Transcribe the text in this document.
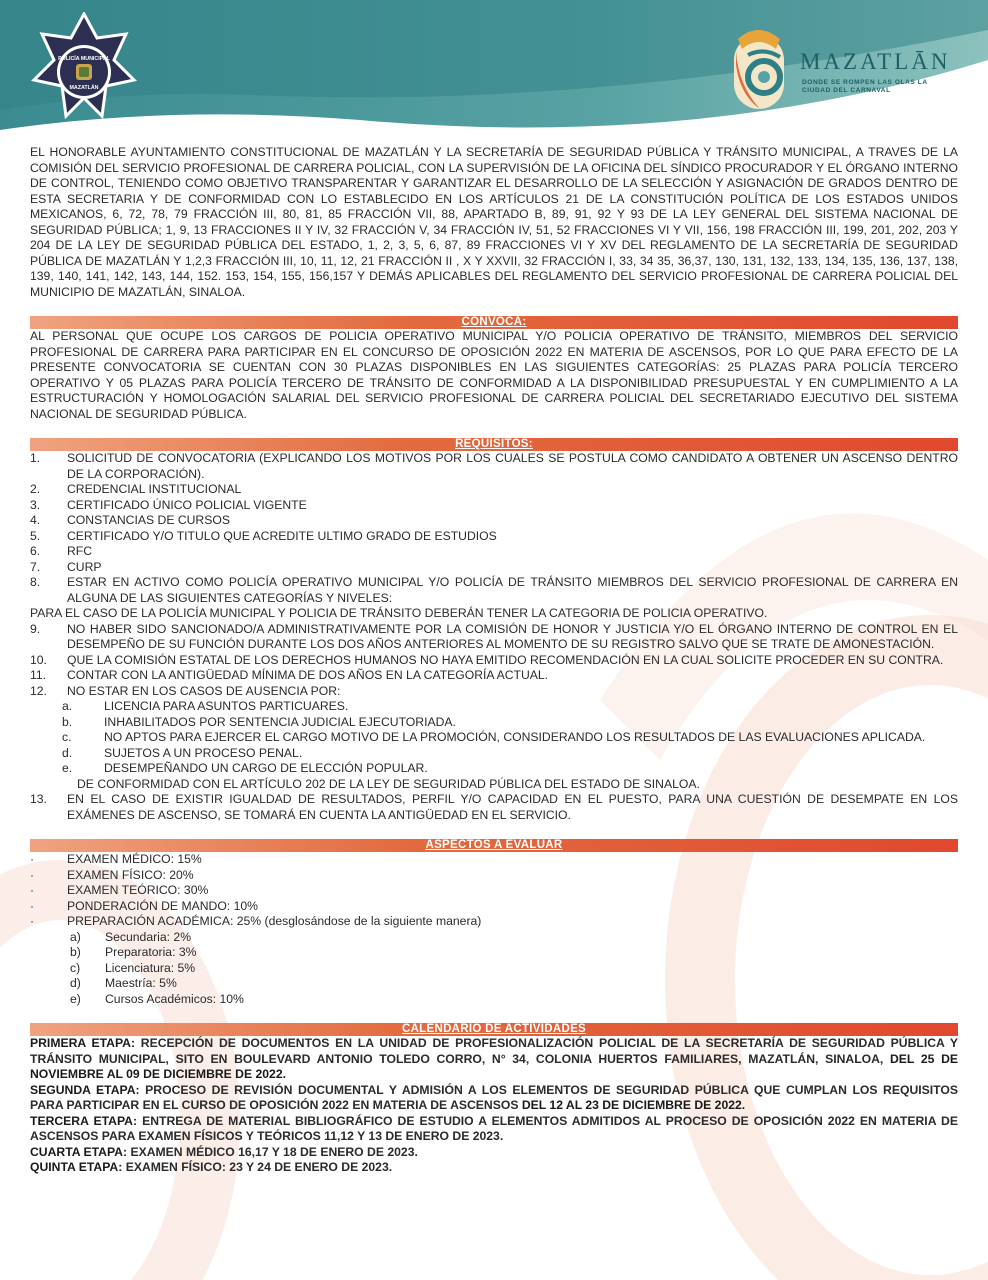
POLICÍA MUNICIPAL
MAZATLÁN
MAZATLĀN
DONDE SE ROMPEN LAS OLAS LA CIUDAD DEL CARNAVAL

EL HONORABLE AYUNTAMIENTO CONSTITUCIONAL DE MAZATLÁN Y LA SECRETARÍA DE SEGURIDAD PÚBLICA Y TRÁNSITO MUNICIPAL, A TRAVES DE LA COMISIÓN DEL SERVICIO PROFESIONAL DE CARRERA POLICIAL, CON LA SUPERVISIÓN DE LA OFICINA DEL SÍNDICO PROCURADOR Y EL ÓRGANO INTERNO DE CONTROL, TENIENDO COMO OBJETIVO TRANSPARENTAR Y GARANTIZAR EL DESARROLLO DE LA SELECCIÓN Y ASIGNACIÓN DE GRADOS DENTRO DE ESTA SECRETARIA Y DE CONFORMIDAD CON LO ESTABLECIDO EN LOS ARTÍCULOS 21 DE LA CONSTITUCIÓN POLÍTICA DE LOS ESTADOS UNIDOS MEXICANOS, 6, 72, 78, 79 FRACCIÓN III, 80, 81, 85 FRACCIÓN VII, 88, APARTADO B, 89, 91, 92 Y 93 DE LA LEY GENERAL DEL SISTEMA NACIONAL DE SEGURIDAD PÚBLICA; 1, 9, 13 FRACCIONES II Y IV, 32 FRACCIÓN V, 34 FRACCIÓN IV, 51, 52 FRACCIONES VI Y VII, 156, 198 FRACCIÓN III, 199, 201, 202, 203 Y 204 DE LA LEY DE SEGURIDAD PÚBLICA DEL ESTADO, 1, 2, 3, 5, 6, 87, 89 FRACCIONES VI Y XV DEL REGLAMENTO DE LA SECRETARÍA DE SEGURIDAD PÚBLICA DE MAZATLÁN Y 1,2,3 FRACCIÓN III, 10, 11, 12, 21 FRACCIÓN II , X Y XXVII, 32 FRACCIÓN I, 33, 34 35, 36,37, 130, 131, 132, 133, 134, 135, 136, 137, 138, 139, 140, 141, 142, 143, 144, 152. 153, 154, 155, 156,157 Y DEMÁS APLICABLES DEL REGLAMENTO DEL SERVICIO PROFESIONAL DE CARRERA POLICIAL DEL MUNICIPIO DE MAZATLÁN, SINALOA.

CONVOCA:

AL PERSONAL QUE OCUPE LOS CARGOS DE POLICIA OPERATIVO MUNICIPAL Y/O POLICIA OPERATIVO DE TRÁNSITO, MIEMBROS DEL SERVICIO PROFESIONAL DE CARRERA PARA PARTICIPAR EN EL CONCURSO DE OPOSICIÓN 2022 EN MATERIA DE ASCENSOS, POR LO QUE PARA EFECTO DE LA PRESENTE CONVOCATORIA SE CUENTAN CON 30 PLAZAS DISPONIBLES EN LAS SIGUIENTES CATEGORÍAS: 25 PLAZAS PARA POLICÍA TERCERO OPERATIVO Y 05 PLAZAS PARA POLICÍA TERCERO DE TRÁNSITO DE CONFORMIDAD A LA DISPONIBILIDAD PRESUPUESTAL Y EN CUMPLIMIENTO A LA ESTRUCTURACIÓN Y HOMOLOGACIÓN SALARIAL DEL SERVICIO PROFESIONAL DE CARRERA POLICIAL DEL SECRETARIADO EJECUTIVO DEL SISTEMA NACIONAL DE SEGURIDAD PÚBLICA.

REQUISITOS:
1.	SOLICITUD DE CONVOCATORIA (EXPLICANDO LOS MOTIVOS POR LOS CUALES SE POSTULA COMO CANDIDATO A OBTENER UN ASCENSO DENTRO DE LA CORPORACIÓN).
2.	CREDENCIAL INSTITUCIONAL
3.	CERTIFICADO ÚNICO POLICIAL VIGENTE
4.	CONSTANCIAS DE CURSOS
5.	CERTIFICADO Y/O TITULO QUE ACREDITE ULTIMO GRADO DE ESTUDIOS
6.	RFC
7.	CURP
8.	ESTAR EN ACTIVO COMO POLICÍA OPERATIVO MUNICIPAL Y/O POLICÍA DE TRÁNSITO MIEMBROS DEL SERVICIO PROFESIONAL DE CARRERA EN ALGUNA DE LAS SIGUIENTES CATEGORÍAS Y NIVELES:

PARA EL CASO DE LA POLICÍA MUNICIPAL Y POLICIA DE TRÁNSITO DEBERÁN TENER LA CATEGORIA DE POLICIA OPERATIVO.

9.	NO HABER SIDO SANCIONADO/A ADMINISTRATIVAMENTE POR LA COMISIÓN DE HONOR Y JUSTICIA Y/O EL ÓRGANO INTERNO DE CONTROL EN EL DESEMPEÑO DE SU FUNCIÓN DURANTE LOS DOS AÑOS ANTERIORES AL MOMENTO DE SU REGISTRO SALVO QUE SE TRATE DE AMONESTACIÓN.
10.	QUE LA COMISIÓN ESTATAL DE LOS DERECHOS HUMANOS NO HAYA EMITIDO RECOMENDACIÓN EN LA CUAL SOLICITE PROCEDER EN SU CONTRA.
11.	CONTAR CON LA ANTIGÜEDAD MÍNIMA DE DOS AÑOS EN LA CATEGORÍA ACTUAL.
12.	NO ESTAR EN LOS CASOS DE AUSENCIA POR:
a.	LICENCIA PARA ASUNTOS PARTICUARES.
b.	INHABILITADOS POR SENTENCIA JUDICIAL EJECUTORIADA.
c.	NO APTOS PARA EJERCER EL CARGO MOTIVO DE LA PROMOCIÓN, CONSIDERANDO LOS RESULTADOS DE LAS EVALUACIONES APLICADA.
d.	SUJETOS A UN PROCESO PENAL.
e.	DESEMPEÑANDO UN CARGO DE ELECCIÓN POPULAR.

DE CONFORMIDAD CON EL ARTÍCULO 202 DE LA LEY DE SEGURIDAD PÚBLICA DEL ESTADO DE SINALOA.

13.	EN EL CASO DE EXISTIR IGUALDAD DE RESULTADOS, PERFIL Y/O CAPACIDAD EN EL PUESTO, PARA UNA CUESTIÓN DE DESEMPATE EN LOS EXÁMENES DE ASCENSO, SE TOMARÁ EN CUENTA LA ANTIGÜEDAD EN EL SERVICIO.
ASPECTOS A EVALUAR
·	EXAMEN MÉDICO: 15%
·	EXAMEN FÍSICO: 20%
·	EXAMEN TEÓRICO: 30%
·	PONDERACIÓN DE MANDO: 10%
·	PREPARACIÓN ACADÉMICA: 25% (desglosándose de la siguiente manera)
a)	Secundaria: 2%
b)	Preparatoria: 3%
c)	Licenciatura: 5%
d)	Maestría: 5%
e)	Cursos Académicos: 10%
CALENDARIO DE ACTIVIDADES

PRIMERA ETAPA: RECEPCIÓN DE DOCUMENTOS EN LA UNIDAD DE PROFESIONALIZACIÓN POLICIAL DE LA SECRETARÍA DE SEGURIDAD PÚBLICA Y TRÁNSITO MUNICIPAL, SITO EN BOULEVARD ANTONIO TOLEDO CORRO, N° 34, COLONIA HUERTOS FAMILIARES, MAZATLÁN, SINALOA, DEL 25 DE NOVIEMBRE AL 09 DE DICIEMBRE DE 2022.

SEGUNDA ETAPA: PROCESO DE REVISIÓN DOCUMENTAL Y ADMISIÓN A LOS ELEMENTOS DE SEGURIDAD PÚBLICA QUE CUMPLAN LOS REQUISITOS PARA PARTICIPAR EN EL CURSO DE OPOSICIÓN 2022 EN MATERIA DE ASCENSOS DEL 12 AL 23 DE DICIEMBRE DE 2022.

TERCERA ETAPA: ENTREGA DE MATERIAL BIBLIOGRÁFICO DE ESTUDIO A ELEMENTOS ADMITIDOS AL PROCESO DE OPOSICIÓN 2022 EN MATERIA DE ASCENSOS PARA EXAMEN FÍSICOS Y TEÓRICOS 11,12 Y 13 DE ENERO DE 2023.

CUARTA ETAPA: EXAMEN MÉDICO 16,17 Y 18 DE ENERO DE 2023.

QUINTA ETAPA: EXAMEN FÍSICO: 23 Y 24 DE ENERO DE 2023.
